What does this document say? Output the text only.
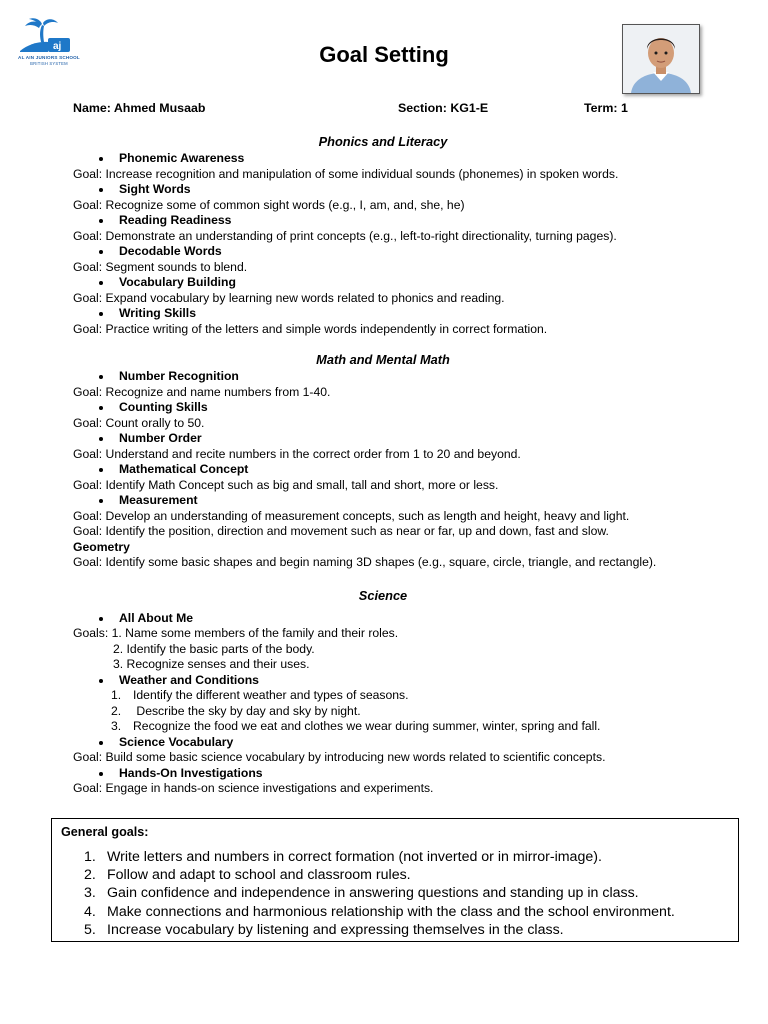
aj
AL AIN JUNIORS SCHOOL
BRITISH SYSTEM	Goal Setting
Name: Ahmed Musaab	Section: KG1-E	Term: 1
Phonics and Literacy
Phonemic Awareness
Goal: Increase recognition and manipulation of some individual sounds (phonemes) in spoken words.
Sight Words
Goal: Recognize some of common sight words (e.g., I, am, and, she, he)
Reading Readiness
Goal: Demonstrate an understanding of print concepts (e.g., left-to-right directionality, turning pages).
Decodable Words
Goal: Segment sounds to blend.
Vocabulary Building
Goal: Expand vocabulary by learning new words related to phonics and reading.
Writing Skills
Goal: Practice writing of the letters and simple words independently in correct formation.
Math and Mental Math
Number Recognition
Goal: Recognize and name numbers from 1-40.
Counting Skills
Goal: Count orally to 50.
Number Order
Goal: Understand and recite numbers in the correct order from 1 to 20 and beyond.
Mathematical Concept
Goal: Identify Math Concept such as big and small, tall and short, more or less.
Measurement
Goal: Develop an understanding of measurement concepts, such as length and height, heavy and light.
Goal: Identify the position, direction and movement such as near or far, up and down, fast and slow.
Geometry
Goal: Identify some basic shapes and begin naming 3D shapes (e.g., square, circle, triangle, and rectangle).
Science
All About Me
Goals: 1. Name some members of the family and their roles.
2. Identify the basic parts of the body.
3. Recognize senses and their uses.
Weather and Conditions
1. Identify the different weather and types of seasons.
2. Describe the sky by day and sky by night.
3. Recognize the food we eat and clothes we wear during summer, winter, spring and fall.
Science Vocabulary
Goal: Build some basic science vocabulary by introducing new words related to scientific concepts.
Hands-On Investigations
Goal: Engage in hands-on science investigations and experiments.
General goals:
1. Write letters and numbers in correct formation (not inverted or in mirror-image).
2. Follow and adapt to school and classroom rules.
3. Gain confidence and independence in answering questions and standing up in class.
4. Make connections and harmonious relationship with the class and the school environment.
5. Increase vocabulary by listening and expressing themselves in the class.
